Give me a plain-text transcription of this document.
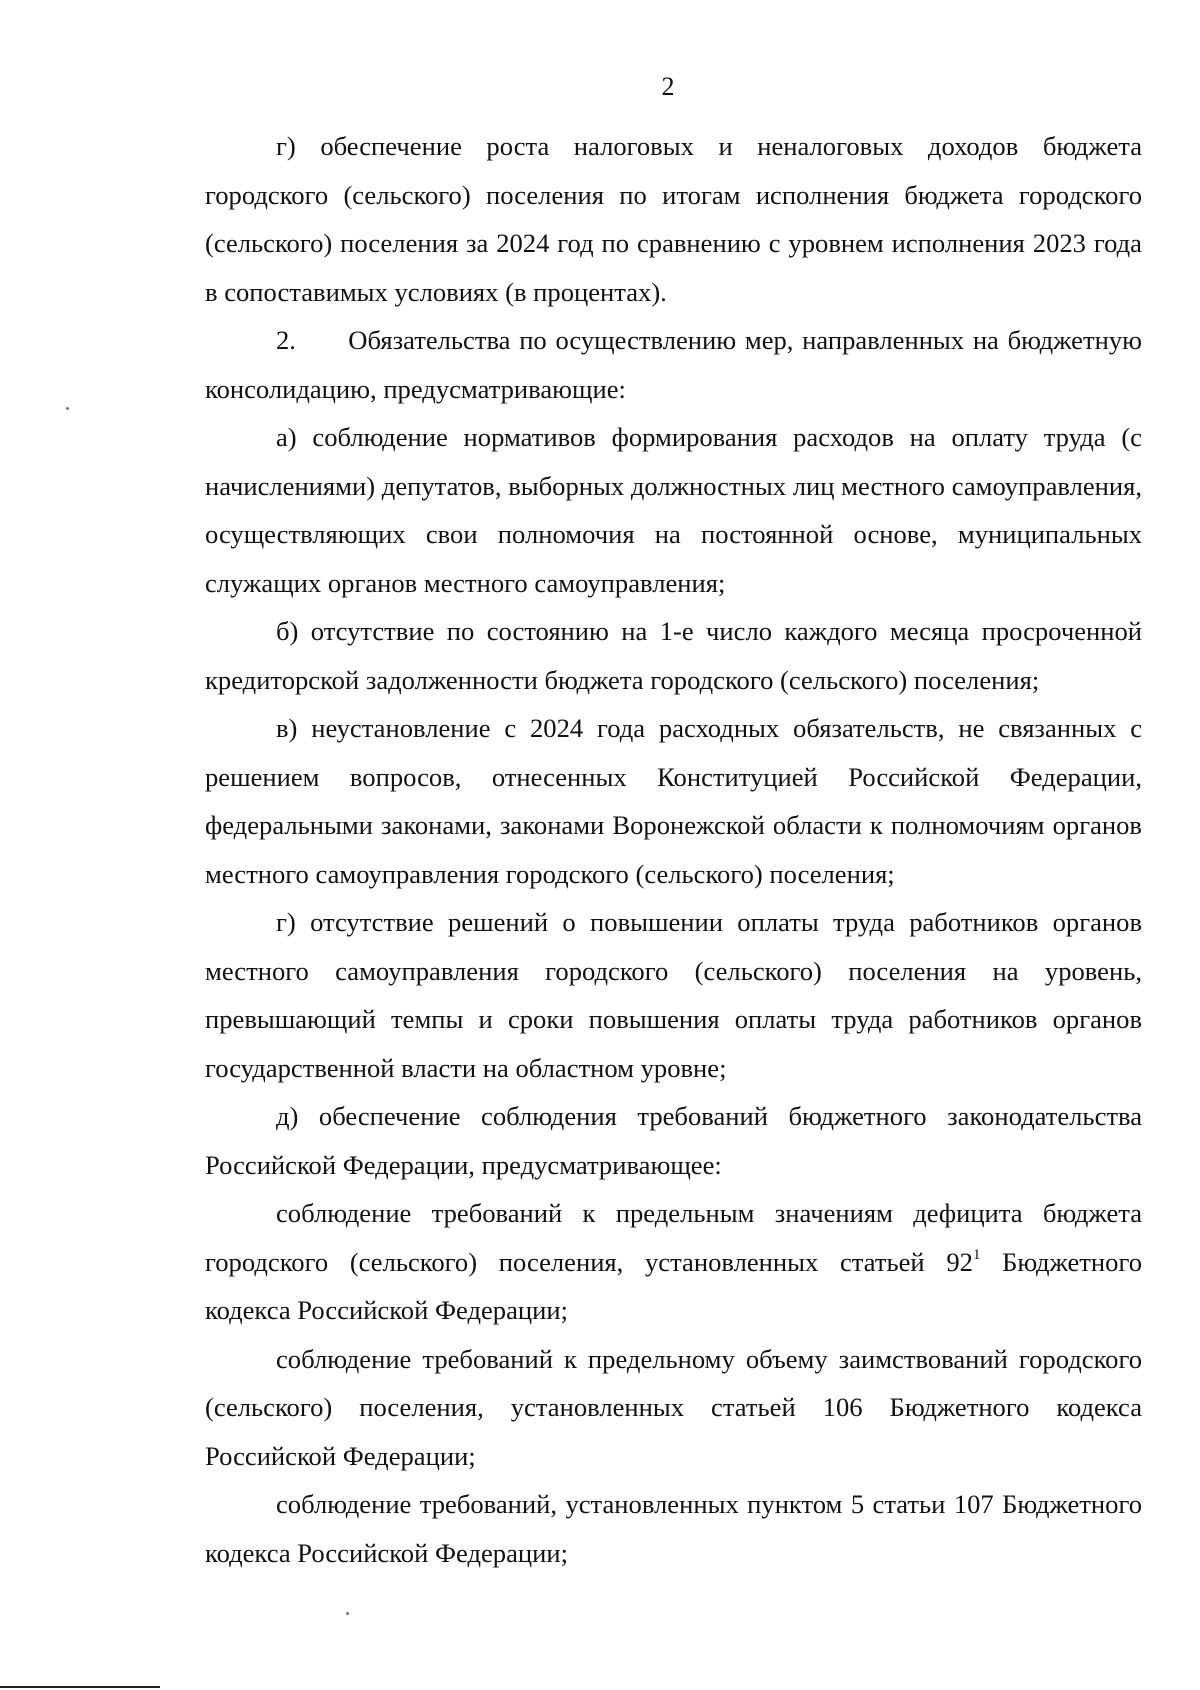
2

г) обеспечение роста налоговых и неналоговых доходов бюджета городского (сельского) поселения по итогам исполнения бюджета городского (сельского) поселения за 2024 год по сравнению с уровнем исполнения 2023 года в сопоставимых условиях (в процентах).

2.      Обязательства по осуществлению мер, направленных на бюджетную консолидацию, предусматривающие:

а) соблюдение нормативов формирования расходов на оплату труда (с начислениями) депутатов, выборных должностных лиц местного самоуправления, осуществляющих свои полномочия на постоянной основе, муниципальных служащих органов местного самоуправления;

б) отсутствие по состоянию на 1-е число каждого месяца просроченной кредиторской задолженности бюджета городского (сельского) поселения;

в) неустановление с 2024 года расходных обязательств, не связанных с решением вопросов, отнесенных Конституцией Российской Федерации, федеральными законами, законами Воронежской области к полномочиям органов местного самоуправления городского (сельского) поселения;

г) отсутствие решений о повышении оплаты труда работников органов местного самоуправления городского (сельского) поселения на уровень, превышающий темпы и сроки повышения оплаты труда работников органов государственной власти на областном уровне;

д) обеспечение соблюдения требований бюджетного законодательства Российской Федерации, предусматривающее:

соблюдение требований к предельным значениям дефицита бюджета городского (сельского) поселения, установленных статьей $92^1$ Бюджетного кодекса Российской Федерации;

соблюдение требований к предельному объему заимствований городского (сельского) поселения, установленных статьей 106 Бюджетного кодекса Российской Федерации;

соблюдение требований, установленных пунктом 5 статьи 107 Бюджетного кодекса Российской Федерации;
